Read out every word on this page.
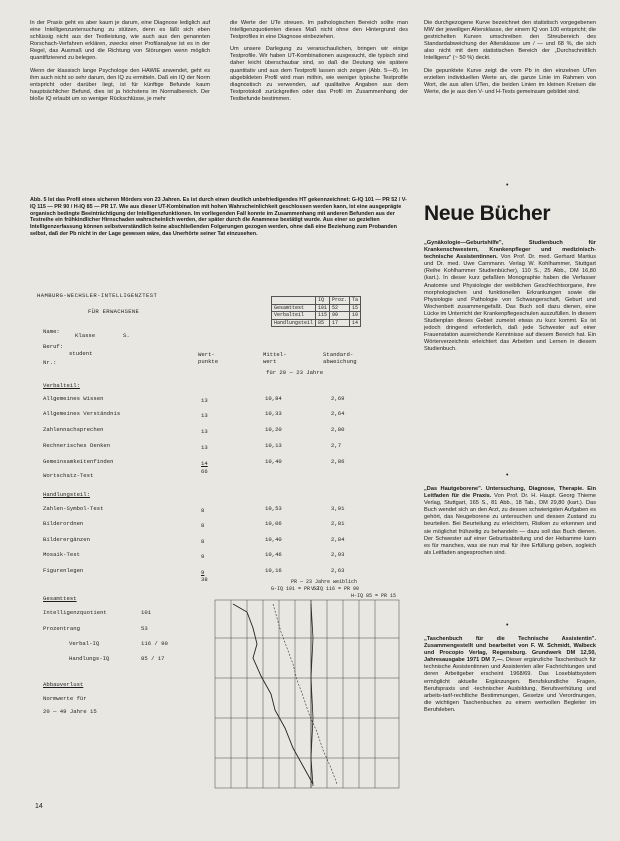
In der Praxis geht es aber kaum je darum, eine Diagnose lediglich auf eine Intelligenzuntersuchung zu stützen, denn es läßt sich eben schlüssig nicht aus der Testleistung, wie auch aus den genannten Rorschach-Verfahren erklären, zwecks einer Profilanalyse ist es in der Regel, das Ausmaß und die Richtung von Störungen wenn möglich quantifizierend zu belegen.

Wenn der klassisch lange Psychologe den HAWIE anwendet, geht es ihm auch nicht so sehr darum, den IQ zu ermitteln. Daß ein IQ der Norm entspricht oder darüber liegt, ist für künftige Befunde kaum hauptsächlicher Befund, dies ist ja höchstens im Normalbereich. Der bloße IQ erlaubt um so weniger Rückschlüsse, je mehr

die Werte der UTe streuen. Im pathologischen Bereich sollte man Intelligenzquotienten dieses Maß nicht ohne den Hintergrund des Testprofiles in eine Diagnose einbeziehen.

Um unsere Darlegung zu veranschaulichen, bringen wir einige Testprofile. Wir haben UT-Kombinationen ausgesucht, die typisch sind daher leicht überschaubar sind, so daß die Deutung wie spätere quantitativ und aus dem Testprofil lassen sich zeigen (Abb. 5—8). Im abgebildeten Profil wird man mithin, wie weniger typische Testprofile diagnostisch zu verwenden, auf qualitative Angaben aus dem Testprotokoll zurückgreifen oder das Profil im Zusammenhang der Testbefunde bestimmen.

Die durchgezogene Kurve bezeichnet den statistisch vorgegebenen MW der jeweiligen Altersklasse, der einem IQ von 100 entspricht; die gestrichelten Kurven umschreiben den Streubereich des Standardabweichung der Altersklasse um / — und 68 %, die sich also nicht mit dem statistischen Bereich der „Durchschnittlich Intelligenz" (~ 50 %) deckt.

Die gepunktete Kurve zeigt die vom Pb in den einzelnen UTen erzielten individuellen Werte an, die ganze Linie im Rahmen von Wort, die aus allen UTen, die beiden Linien im kleinen Kreisen die Werte, die je aus den V- und H-Tests gemeinsam gebildet sind.

•
Abb. 5 Ist das Profil eines sicheren Mörders von 23 Jahren. Es ist durch einen deutlich unbefriedigendes HT gekennzeichnet: G-IQ 101 — PR 52 / V-IQ 115 — PR 90 / H-IQ 85 — PR 17. Wie aus dieser UT-Kombination mit hohen Wahrscheinlichkeit geschlossen werden kann, ist eine ausgeprägte organisch bedingte Beeinträchtigung der Intelligenzfunktionen. Im vorliegenden Fall konnte im Zusammenhang mit anderen Befunden aus der Testreihe ein frühkindlicher Hirnschaden wahrscheinlich werden, der später durch die Anamnese bestätigt wurde. Aus einer so gezielten Intelligenzerfassung können selbstverständlich keine abschließenden Folgerungen gezogen werden, ohne daß eine Beziehung zum Probanden selbst, daß der Pb nicht in der Lage gewesen wäre, das Unerhörte seiner Tat einzusehen.
Neue Bücher
„Gynäkologie—Geburtshilfe", Studienbuch für Krankenschwestern, Krankenpfleger und medizinisch-technische Assistentinnen. Von Prof. Dr. med. Gerhard Martius und Dr. med. Uwe Cammann. Verlag W. Kohlhammer, Stuttgart (Reihe Kohlhammer Studienbücher), 110 S., 25 Abb., DM 16,80 (kart.). In dieser kurz gefaßten Monographie haben die Verfasser Anatomie und Physiologie der weiblichen Geschlechtsorgane, ihre morphologischen und funktionellen Erkrankungen sowie die Physiologie und Pathologie von Schwangerschaft, Geburt und Wochenbett zusammengefaßt. Das Buch soll dazu dienen, eine Lücke im Unterricht der Krankenpflegeschulen auszufüllen. In diesem Studienplan dieses Gebiet zumeist etwas zu kurz kommt. Es ist jedoch dringend erforderlich, daß jede Schwester auf einer Frauenstation ausreichende Kenntnisse auf diesem Bereich hat. Ein Wörterverzeichnis erleichtert das Arbeiten und Lernen in diesem Studienbuch.
•
„Das Hautgeborene". Untersuchung, Diagnose, Therapie. Ein Leitfaden für die Praxis. Von Prof. Dr. H. Haupt. Georg Thieme Verlag, Stuttgart, 165 S., 81 Abb., 18 Tab., DM 29,80 (kart.). Das Buch wendet sich an den Arzt, zu dessen schwierigsten Aufgaben es gehört, das Neugeborene zu untersuchen und dessen Zustand zu beurteilen. Bei Beurteilung zu erleichtern, Risiken zu erkennen und sie möglichst frühzeitig zu behandeln — dazu soll das Buch dienen. Der Schwester auf einer Geburtsabteilung und der Hebamme kann es für manches, was sie nun mal für ihre Erfüllung geben, sogleich als Leitfaden angesprochen sind.
•
„Taschenbuch für die Technische Assistentin". Zusammengestellt und bearbeitet von F. W. Schmidt, Walbeck und Procopio Verlag, Regensburg. Grundwerk DM 12,50, Jahresausgabe 1971 DM 7,—. Dieser ergänzliche Taschenbuch für technische Assistentinnen und Assistenten aller Fachrichtungen und deren Arbeitgeber erscheint 1968/69. Das Loseblattsystem ermöglicht aktuelle Ergänzungen. Berufskundliche Fragen, Berufspraxis und -technischer Ausbildung, Berufsverhütung und arbeits-tarif-rechtliche Bestimmungen, Gesetze und Verordnungen, die wichtigen Taschenbuches zu einem wertvollen Begleiter im Berufsleben.
HAMBURG-WECHSLER-INTELLIGENZTEST
FÜR ERWACHSENE
	IQ	Proz.	Ta
Gesamttest	101	52	15
Verbalteil	115	90	10
Handlungsteil	85	17	14
Name:
Klasse	S.
Beruf:
student
Nr.:
Wert-
punkte
Mittel-
wert
Standard-
abweichung
für 20 — 23 Jahre
Verbalteil:
Allgemeines Wissen	13	10,84	2,69
Allgemeines Verständnis	13	10,33	2,64
Zahlennachsprechen	13	10,20	2,80
Rechnerisches Denken	13	10,13	2,7
Gemeinsamkeitenfinden	14	10,40	2,86
Wortschatz-Test
66
Handlungsteil:
Zahlen-Symbol-Test	8	10,53	3,01
Bilderordnen	8	10,06	2,81
Bilderergänzen	8	10,40	2,84
Mosaik-Test	9	10,46	2,93
Figurenlegen	9	10,16	2,63
38
Gesamttest
Intelligenzquotient	101
Prozentrang	53
Verbal-IQ	116 / 90
Handlungs-IQ	85 / 17
Abbauverlust
Normwerte für
20 — 49 Jahre 15
PR — 23 Jahre weiblich
G-IQ 101 = PR 52
V-IQ 116 = PR 90
H-IQ 85 = PR 15
14
